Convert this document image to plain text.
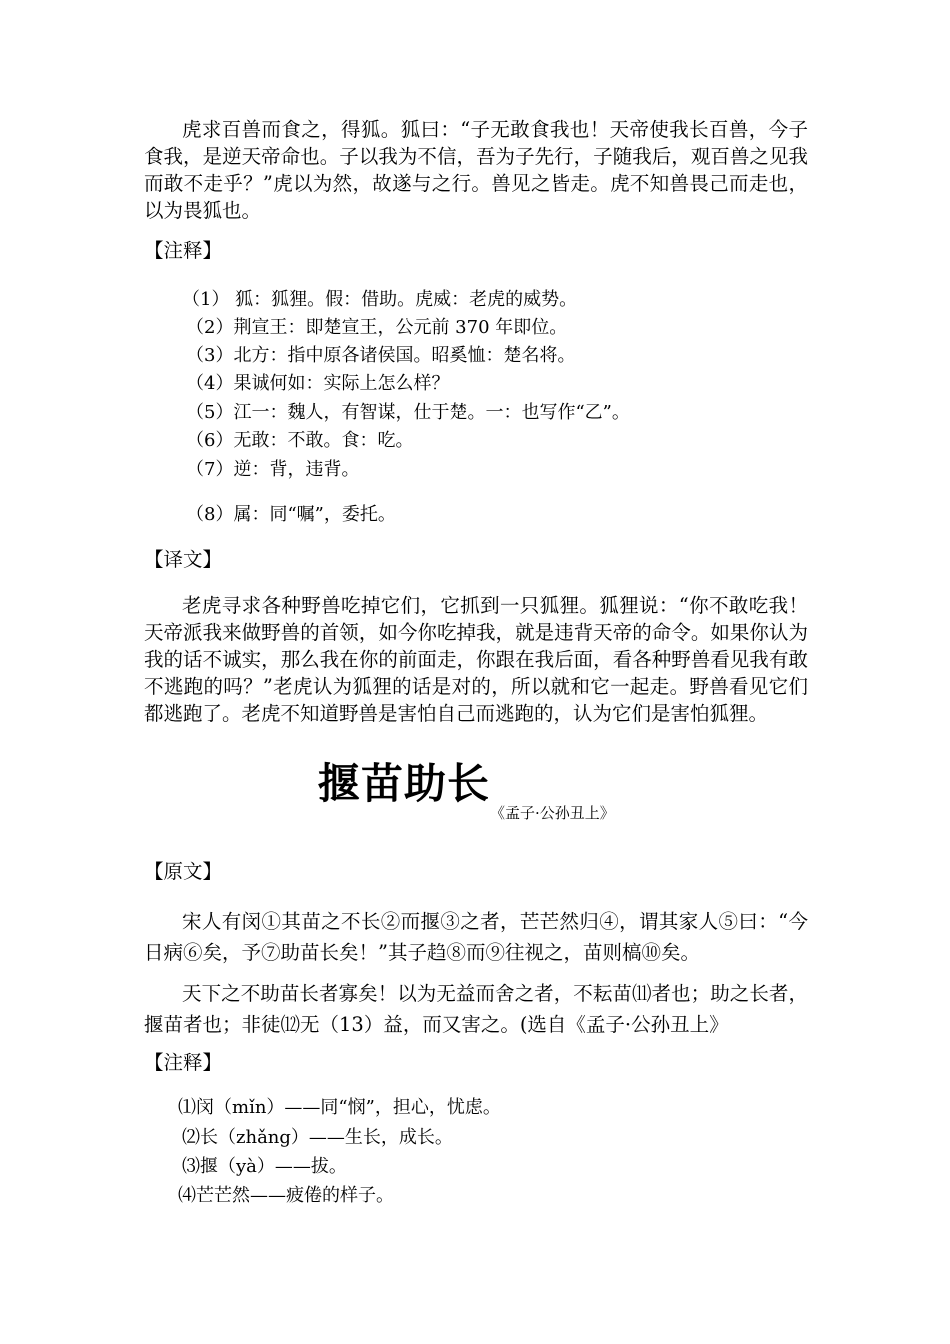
虎求百兽而食之，得狐。狐曰：“子无敢食我也！天帝使我长百兽，今子食我，是逆天帝命也。子以我为不信，吾为子先行，子随我后，观百兽之见我而敢不走乎？”虎以为然，故遂与之行。兽见之皆走。虎不知兽畏己而走也，以为畏狐也。

【注释】

（1） 狐：狐狸。假：借助。虎威：老虎的威势。

（2）荆宣王：即楚宣王，公元前 370 年即位。

（3）北方：指中原各诸侯国。昭奚恤：楚名将。

（4）果诚何如：实际上怎么样？

（5）江一：魏人，有智谋，仕于楚。一：也写作“乙”。

（6）无敢：不敢。食：吃。

（7）逆：背，违背。

（8）属：同“嘱”，委托。

【译文】

老虎寻求各种野兽吃掉它们，它抓到一只狐狸。狐狸说：“你不敢吃我！天帝派我来做野兽的首领，如今你吃掉我，就是违背天帝的命令。如果你认为我的话不诚实，那么我在你的前面走，你跟在我后面，看各种野兽看见我有敢不逃跑的吗？”老虎认为狐狸的话是对的，所以就和它一起走。野兽看见它们都逃跑了。老虎不知道野兽是害怕自己而逃跑的，认为它们是害怕狐狸。

揠苗助长

《孟子·公孙丑上》

【原文】

宋人有闵①其苗之不长②而揠③之者，芒芒然归④，谓其家人⑤曰：“今日病⑥矣，予⑦助苗长矣！”其子趋⑧而⑨往视之，苗则槁⑩矣。

天下之不助苗长者寡矣！以为无益而舍之者，不耘苗⑾者也；助之长者，揠苗者也；非徒⑿无（13）益，而又害之。(选自《孟子·公孙丑上》

【注释】

⑴闵（mǐn）——同“悯”，担心，忧虑。

⑵长（zhǎng）——生长，成长。

⑶揠（yà）——拔。

⑷芒芒然——疲倦的样子。
